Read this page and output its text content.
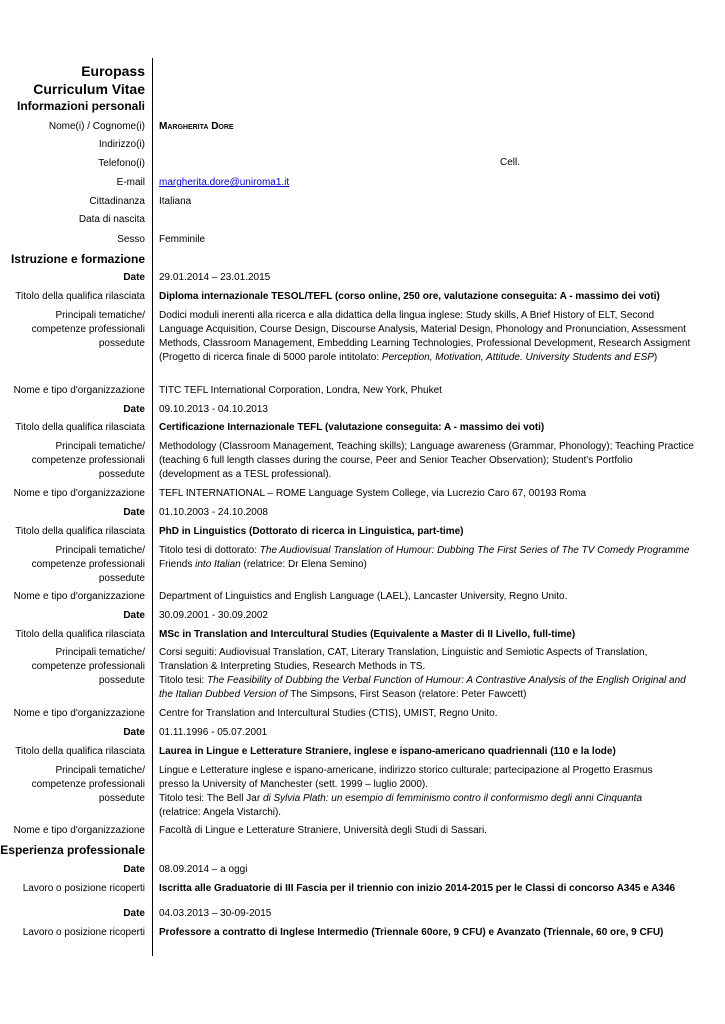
Europass
Curriculum Vitae
Informazioni personali
Nome(i) / Cognome(i) Margherita Dore
Indirizzo(i)
Telefono(i)	Cell.
E-mail margherita.dore@uniroma1.it
Cittadinanza Italiana
Data di nascita
Sesso Femminile
Istruzione e formazione
Date 29.01.2014 – 23.01.2015
Titolo della qualifica rilasciata Diploma internazionale TESOL/TEFL (corso online, 250 ore, valutazione conseguita: A - massimo dei voti)
Principali tematiche/
competenze professionali
possedute
Dodici moduli inerenti alla ricerca e alla didattica della lingua inglese: Study skills, A Brief History of ELT, Second Language Acquisition, Course Design, Discourse Analysis, Material Design, Phonology and Pronunciation, Assessment Methods, Classroom Management, Embedding Learning Technologies, Professional Development, Research Assigment (Progetto di ricerca finale di 5000 parole intitolato: Perception, Motivation, Attitude. University Students and ESP)
Nome e tipo d'organizzazione TITC TEFL International Corporation, Londra, New York, Phuket
Date 09.10.2013 - 04.10.2013
Titolo della qualifica rilasciata Certificazione Internazionale TEFL (valutazione conseguita: A - massimo dei voti)
Principali tematiche/
competenze professionali
possedute
Methodology (Classroom Management, Teaching skills); Language awareness (Grammar, Phonology); Teaching Practice (teaching 6 full length classes during the course, Peer and Senior Teacher Observation); Student's Portfolio (development as a TESL professional).
Nome e tipo d'organizzazione TEFL INTERNATIONAL – ROME Language System College, via Lucrezio Caro 67, 00193 Roma
Date 01.10.2003 - 24.10.2008
Titolo della qualifica rilasciata PhD in Linguistics (Dottorato di ricerca in Linguistica, part-time)
Principali tematiche/
competenze professionali
possedute
Titolo tesi di dottorato: The Audiovisual Translation of Humour: Dubbing The First Series of The TV Comedy Programme Friends into Italian (relatrice: Dr Elena Semino)
Nome e tipo d'organizzazione Department of Linguistics and English Language (LAEL), Lancaster University, Regno Unito.
Date 30.09.2001 - 30.09.2002
Titolo della qualifica rilasciata MSc in Translation and Intercultural Studies (Equivalente a Master di II Livello, full-time)
Principali tematiche/
competenze professionali
possedute
Corsi seguiti: Audiovisual Translation, CAT, Literary Translation, Linguistic and Semiotic Aspects of Translation, Translation & Interpreting Studies, Research Methods in TS.
Titolo tesi: The Feasibility of Dubbing the Verbal Function of Humour: A Contrastive Analysis of the English Original and the Italian Dubbed Version of The Simpsons, First Season (relatore: Peter Fawcett)
Nome e tipo d'organizzazione Centre for Translation and Intercultural Studies (CTIS), UMIST, Regno Unito.
Date 01.11.1996 - 05.07.2001
Titolo della qualifica rilasciata Laurea in Lingue e Letterature Straniere, inglese e ispano-americano quadriennali (110 e la lode)
Principali tematiche/
competenze professionali
possedute
Lingue e Letterature inglese e ispano-americane, indirizzo storico culturale; partecipazione al Progetto Erasmus presso la University of Manchester (sett. 1999 – luglio 2000).
Titolo tesi: The Bell Jar di Sylvia Plath: un esempio di femminismo contro il conformismo degli anni Cinquanta
(relatrice: Angela Vistarchi).
Nome e tipo d'organizzazione Facoltà di Lingue e Letterature Straniere, Università degli Studi di Sassari.
Esperienza professionale
Date 08.09.2014 – a oggi
Lavoro o posizione ricoperti Iscritta alle Graduatorie di III Fascia per il triennio con inizio 2014-2015 per le Classi di concorso A345 e A346
Date 04.03.2013 – 30-09-2015
Lavoro o posizione ricoperti Professore a contratto di Inglese Intermedio (Triennale 60ore, 9 CFU) e Avanzato (Triennale, 60 ore, 9 CFU)
